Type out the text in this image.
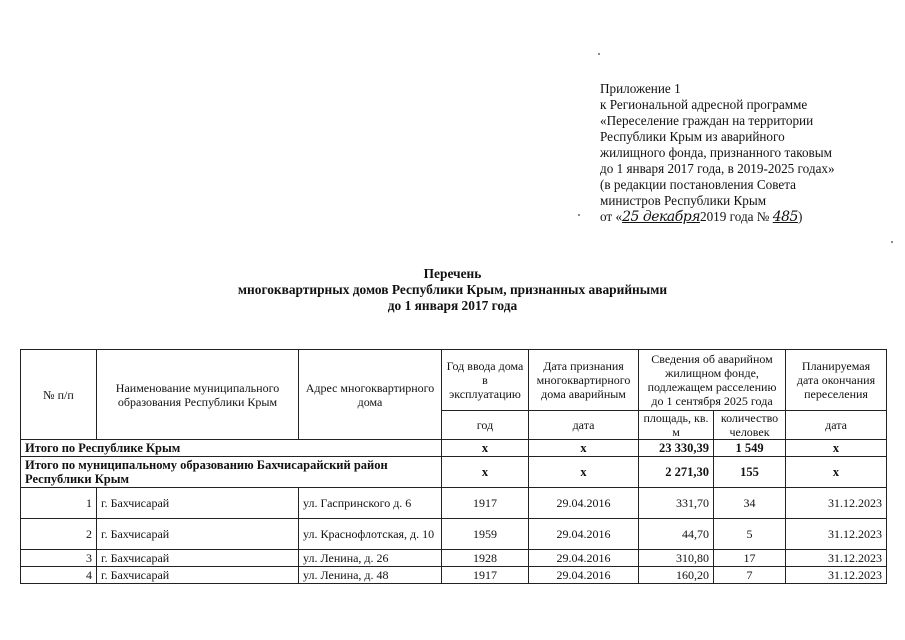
Приложение 1
к Региональной адресной программе
«Переселение граждан на территории
Республики Крым из аварийного
жилищного фонда, признанного таковым
до 1 января 2017 года, в 2019-2025 годах»
(в редакции постановления Совета
министров Республики Крым
от «25 декабря2019 года № 485)
Перечень
многоквартирных домов Республики Крым, признанных аварийными
до 1 января 2017 года
№ п/п	Наименование муниципального образования Республики Крым	Адрес многоквартирного дома	Год ввода дома в эксплуатацию	Дата признания многоквартирного дома аварийным	Сведения об аварийном жилищном фонде, подлежащем расселению до 1 сентября 2025 года		Планируемая дата окончания переселения
			год	дата	площадь, кв. м	количество человек	дата
Итого по Республике Крым			х	х	23 330,39	1 549	х
Итого по муниципальному образованию Бахчисарайский район Республики Крым			х	х	2 271,30	155	х
1	г. Бахчисарай	ул. Гаспринского д. 6	1917	29.04.2016	331,70	34	31.12.2023
2	г. Бахчисарай	ул. Краснофлотская, д. 10	1959	29.04.2016	44,70	5	31.12.2023
3	г. Бахчисарай	ул. Ленина, д. 26	1928	29.04.2016	310,80	17	31.12.2023
4	г. Бахчисарай	ул. Ленина, д. 48	1917	29.04.2016	160,20	7	31.12.2023
